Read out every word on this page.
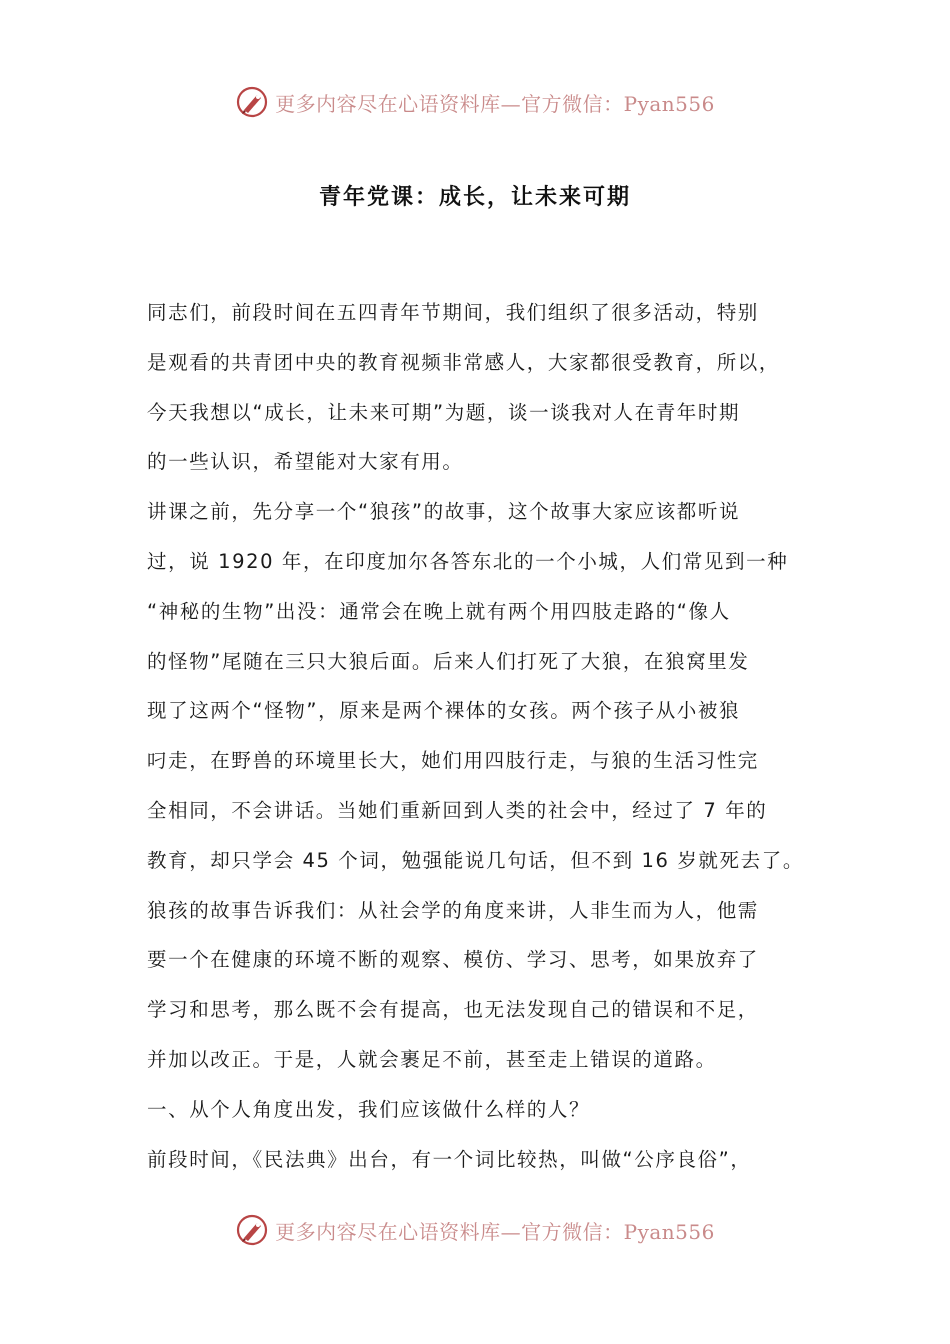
更多内容尽在心语资料库—官方微信：Pyan556
青年党课：成长，让未来可期
同志们，前段时间在五四青年节期间，我们组织了很多活动，特别
是观看的共青团中央的教育视频非常感人，大家都很受教育，所以，
今天我想以“成长，让未来可期”为题，谈一谈我对人在青年时期
的一些认识，希望能对大家有用。
讲课之前，先分享一个“狼孩”的故事，这个故事大家应该都听说
过，说 1920 年，在印度加尔各答东北的一个小城，人们常见到一种
“神秘的生物”出没：通常会在晚上就有两个用四肢走路的“像人
的怪物”尾随在三只大狼后面。后来人们打死了大狼，在狼窝里发
现了这两个“怪物”，原来是两个裸体的女孩。两个孩子从小被狼
叼走，在野兽的环境里长大，她们用四肢行走，与狼的生活习性完
全相同，不会讲话。当她们重新回到人类的社会中，经过了 7 年的
教育，却只学会 45 个词，勉强能说几句话，但不到 16 岁就死去了。
狼孩的故事告诉我们：从社会学的角度来讲，人非生而为人，他需
要一个在健康的环境不断的观察、模仿、学习、思考，如果放弃了
学习和思考，那么既不会有提高，也无法发现自己的错误和不足，
并加以改正。于是，人就会裹足不前，甚至走上错误的道路。
一、从个人角度出发，我们应该做什么样的人？
前段时间，《民法典》出台，有一个词比较热，叫做“公序良俗”，
更多内容尽在心语资料库—官方微信：Pyan556
